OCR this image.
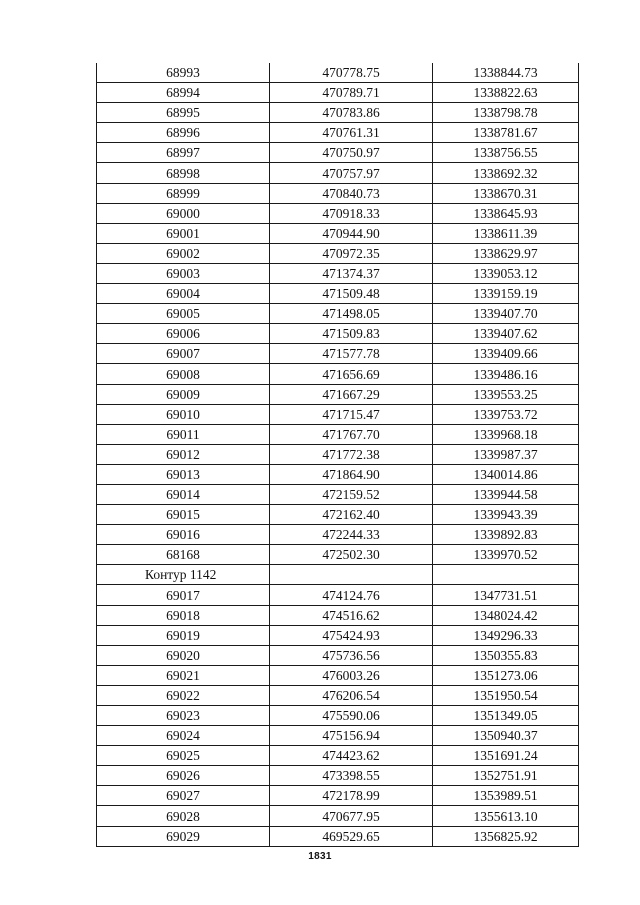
68993	470778.75	1338844.73
68994	470789.71	1338822.63
68995	470783.86	1338798.78
68996	470761.31	1338781.67
68997	470750.97	1338756.55
68998	470757.97	1338692.32
68999	470840.73	1338670.31
69000	470918.33	1338645.93
69001	470944.90	1338611.39
69002	470972.35	1338629.97
69003	471374.37	1339053.12
69004	471509.48	1339159.19
69005	471498.05	1339407.70
69006	471509.83	1339407.62
69007	471577.78	1339409.66
69008	471656.69	1339486.16
69009	471667.29	1339553.25
69010	471715.47	1339753.72
69011	471767.70	1339968.18
69012	471772.38	1339987.37
69013	471864.90	1340014.86
69014	472159.52	1339944.58
69015	472162.40	1339943.39
69016	472244.33	1339892.83
68168	472502.30	1339970.52
Контур 1142		
69017	474124.76	1347731.51
69018	474516.62	1348024.42
69019	475424.93	1349296.33
69020	475736.56	1350355.83
69021	476003.26	1351273.06
69022	476206.54	1351950.54
69023	475590.06	1351349.05
69024	475156.94	1350940.37
69025	474423.62	1351691.24
69026	473398.55	1352751.91
69027	472178.99	1353989.51
69028	470677.95	1355613.10
69029	469529.65	1356825.92
1831
